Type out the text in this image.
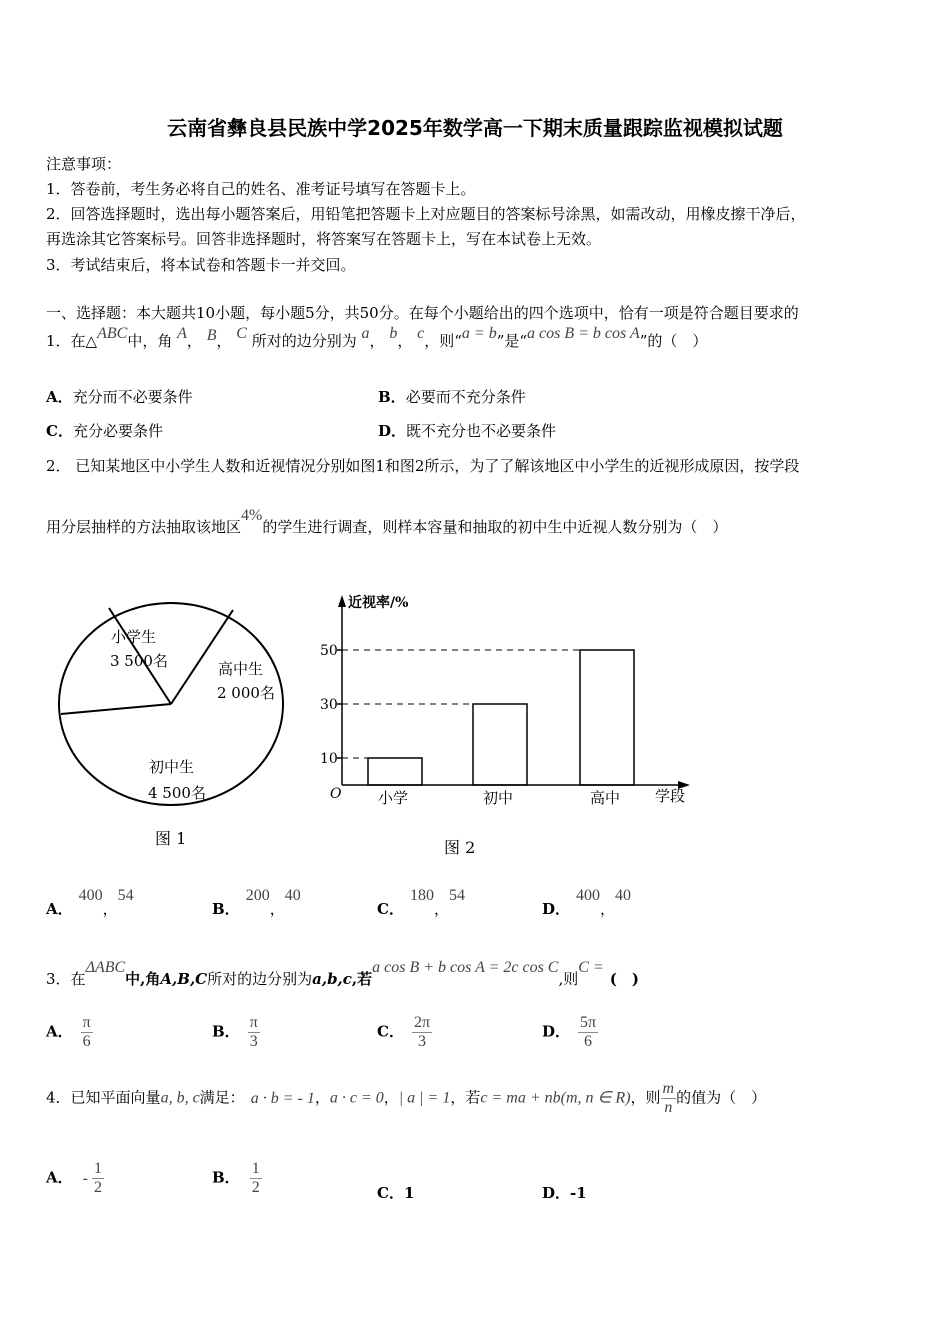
云南省彝良县民族中学2025年数学高一下期末质量跟踪监视模拟试题
注意事项：
1．答卷前，考生务必将自己的姓名、准考证号填写在答题卡上。
2．回答选择题时，选出每小题答案后，用铅笔把答题卡上对应题目的答案标号涂黑，如需改动，用橡皮擦干净后，
再选涂其它答案标号。回答非选择题时，将答案写在答题卡上，写在本试卷上无效。
3．考试结束后，将本试卷和答题卡一并交回。
一、选择题：本大题共10小题，每小题5分，共50分。在每个小题给出的四个选项中，恰有一项是符合题目要求的
1．在△ABC中，角 A， B， C 所对的边分别为 a， b， c，则“a = b”是“a cos B = b cos A”的（　）
A．充分而不必要条件	B．必要而不充分条件
C．充分必要条件	D．既不充分也不必要条件
2． 已知某地区中小学生人数和近视情况分别如图1和图2所示，为了了解该地区中小学生的近视形成原因，按学段
用分层抽样的方法抽取该地区4%的学生进行调查，则样本容量和抽取的初中生中近视人数分别为（　）
小学生
3 500名	高中生
2 000名
初中生
4 500名
图 1
近视率/%
学段
O
10
30
50
小学	初中	高中
图 2
A．400，54
B．200，40
C．180，54
D．400，40
3．在ΔABC中,角A,B,C所对的边分别为a,b,c,若a cos B + b cos A = 2c cos C,则C =(　)
A． $\frac{\pi}{6}$	B． $\frac{\pi}{3}$	C． $\frac{2\pi}{3}$	D． $\frac{5\pi}{6}$
4．已知平面向量a, b, c满足： a · b = - 1，a · c = 0，| a | = 1，若c = ma + nb(m, n ∈ R)，则 $\frac{m}{n}$ 的值为（　）
A． - $\frac{1}{2}$	B． $\frac{1}{2}$	C．1	D．-1
